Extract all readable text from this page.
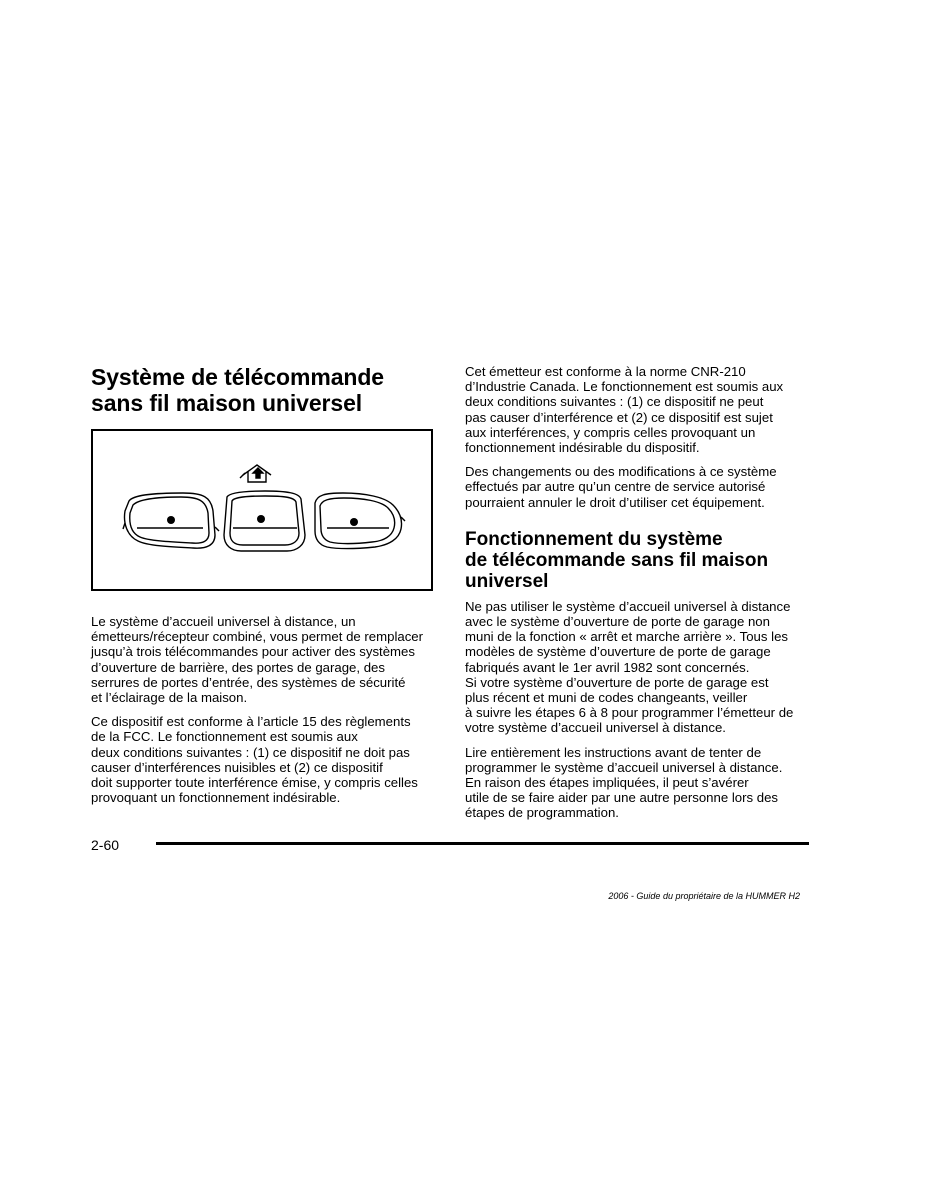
Système de télécommande
sans fil maison universel

Le système d’accueil universel à distance, un
émetteurs/récepteur combiné, vous permet de remplacer
jusqu’à trois télécommandes pour activer des systèmes
d’ouverture de barrière, des portes de garage, des
serrures de portes d’entrée, des systèmes de sécurité
et l’éclairage de la maison.

Ce dispositif est conforme à l’article 15 des règlements
de la FCC. Le fonctionnement est soumis aux
deux conditions suivantes : (1) ce dispositif ne doit pas
causer d’interférences nuisibles et (2) ce dispositif
doit supporter toute interférence émise, y compris celles
provoquant un fonctionnement indésirable.

Cet émetteur est conforme à la norme CNR-210
d’Industrie Canada. Le fonctionnement est soumis aux
deux conditions suivantes : (1) ce dispositif ne peut
pas causer d’interférence et (2) ce dispositif est sujet
aux interférences, y compris celles provoquant un
fonctionnement indésirable du dispositif.

Des changements ou des modifications à ce système
effectués par autre qu’un centre de service autorisé
pourraient annuler le droit d’utiliser cet équipement.

Fonctionnement du système
de télécommande sans fil maison
universel

Ne pas utiliser le système d’accueil universel à distance
avec le système d’ouverture de porte de garage non
muni de la fonction « arrêt et marche arrière ». Tous les
modèles de système d’ouverture de porte de garage
fabriqués avant le 1er avril 1982 sont concernés.
Si votre système d’ouverture de porte de garage est
plus récent et muni de codes changeants, veiller
à suivre les étapes 6 à 8 pour programmer l’émetteur de
votre système d’accueil universel à distance.

Lire entièrement les instructions avant de tenter de
programmer le système d’accueil universel à distance.
En raison des étapes impliquées, il peut s’avérer
utile de se faire aider par une autre personne lors des
étapes de programmation.

2-60
2006 - Guide du propriétaire de la HUMMER H2
